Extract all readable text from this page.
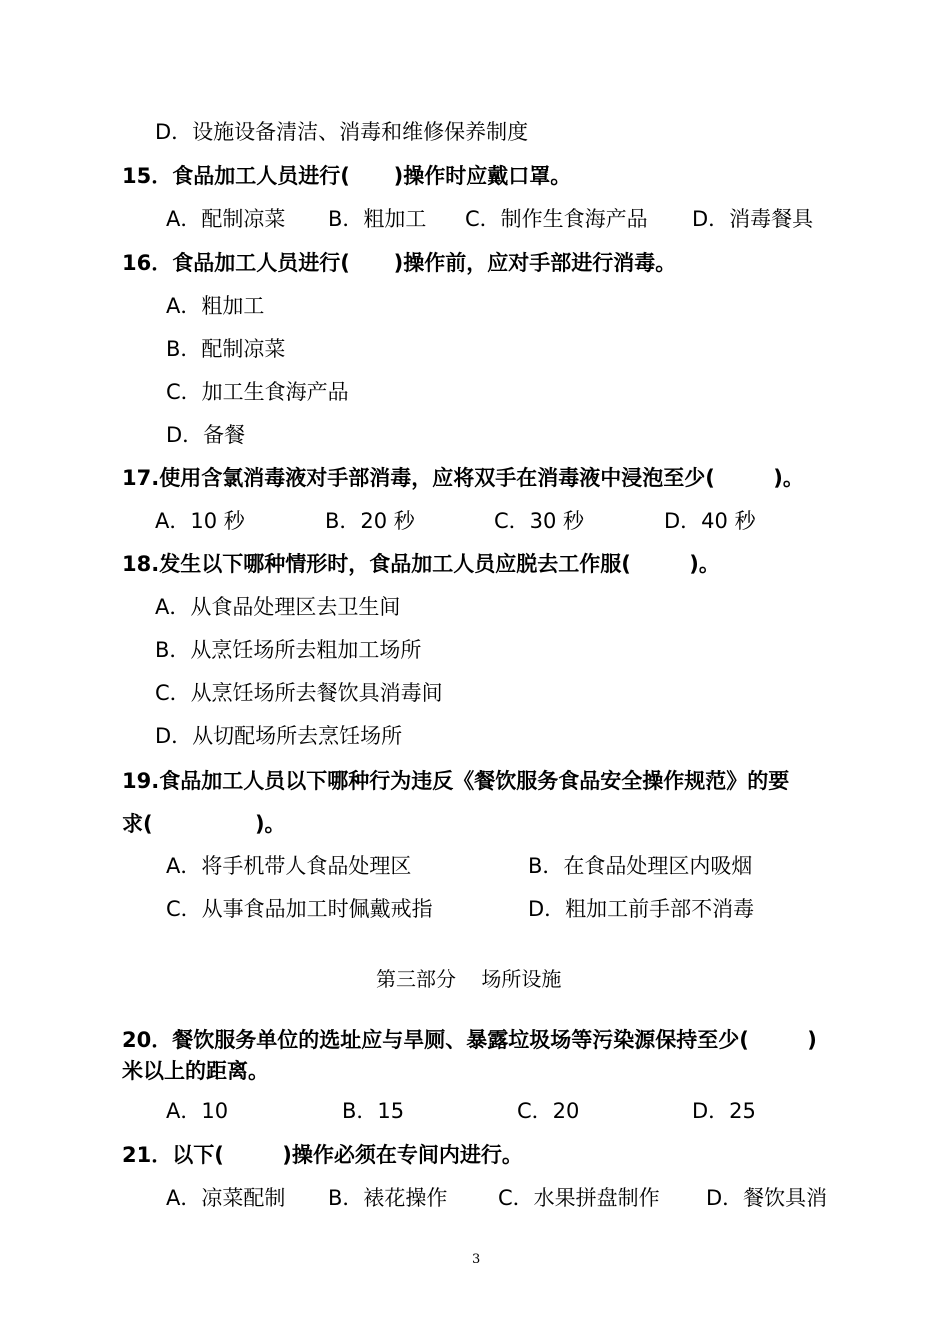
D．设施设备清洁、消毒和维修保养制度
15．食品加工人员进行(      )操作时应戴口罩。
A．配制凉菜 B．粗加工 C．制作生食海产品 D．消毒餐具
16．食品加工人员进行(      )操作前，应对手部进行消毒。
A．粗加工
B．配制凉菜
C．加工生食海产品
D．备餐
17.使用含氯消毒液对手部消毒，应将双手在消毒液中浸泡至少(        )。
A．10 秒	B．20 秒	C．30 秒	D．40 秒
18.发生以下哪种情形时，食品加工人员应脱去工作服(        )。
A．从食品处理区去卫生间
B．从烹饪场所去粗加工场所
C．从烹饪场所去餐饮具消毒间
D．从切配场所去烹饪场所
19.食品加工人员以下哪种行为违反《餐饮服务食品安全操作规范》的要
求(              )。
A．将手机带人食品处理区	B．在食品处理区内吸烟
C．从事食品加工时佩戴戒指	D．粗加工前手部不消毒
第三部分    场所设施
20．餐饮服务单位的选址应与旱厕、暴露垃圾场等污染源保持至少(        )
米以上的距离。
A．10	B．15	C．20	D．25
21．以下(        )操作必须在专间内进行。
A．凉菜配制 B．裱花操作 C．水果拼盘制作 D．餐饮具消
3
